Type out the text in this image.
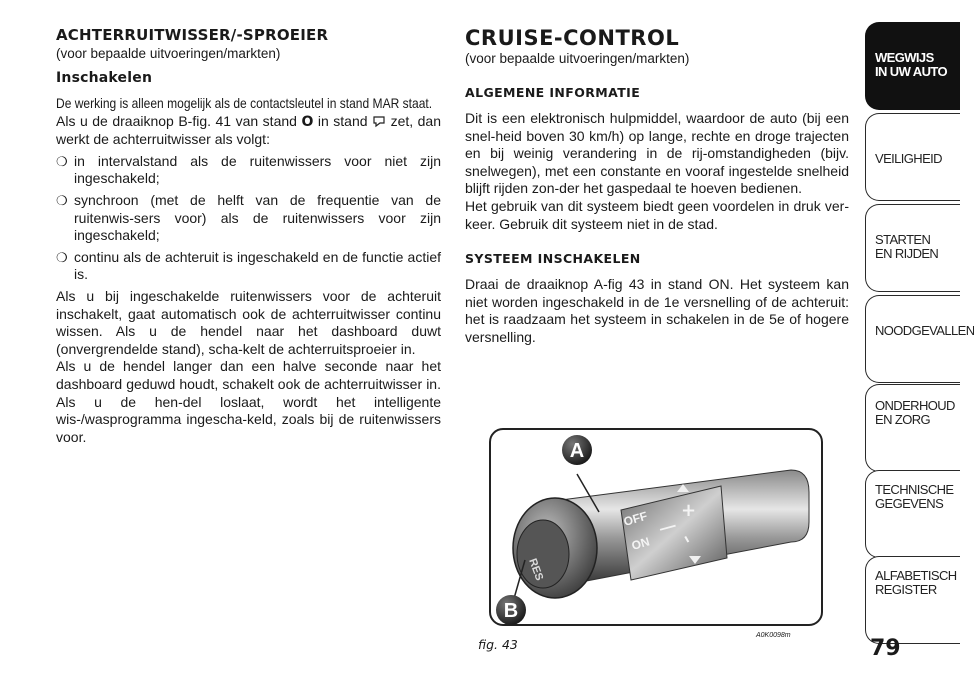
ACHTERRUITWISSER/-SPROEIER
(voor bepaalde uitvoeringen/markten)
Inschakelen
De werking is alleen mogelijk als de contactsleutel in stand MAR staat.
Als u de draaiknop B-fig. 41 van stand O in stand zet, dan werkt de achterruitwisser als volgt:
❍ in intervalstand als de ruitenwissers voor niet zijn ingeschakeld;
❍ synchroon (met de helft van de frequentie van de ruitenwis-sers voor) als de ruitenwissers voor zijn ingeschakeld;
❍ continu als de achteruit is ingeschakeld en de functie actief is.
Als u bij ingeschakelde ruitenwissers voor de achteruit inschakelt, gaat automatisch ook de achterruitwisser continu wissen. Als u de hendel naar het dashboard duwt (onvergrendelde stand), scha-kelt de achterruitsproeier in.
Als u de hendel langer dan een halve seconde naar het dashboard geduwd houdt, schakelt ook de achterruitwisser in. Als u de hen-del loslaat, wordt het intelligente wis-/wasprogramma ingescha-keld, zoals bij de ruitenwissers voor.
CRUISE-CONTROL
(voor bepaalde uitvoeringen/markten)
ALGEMENE INFORMATIE
Dit is een elektronisch hulpmiddel, waardoor de auto (bij een snel-heid boven 30 km/h) op lange, rechte en droge trajecten en bij weinig verandering in de rij-omstandigheden (bijv. snelwegen), met een constante en vooraf ingestelde snelheid blijft rijden zon-der het gaspedaal te hoeven bedienen.
Het gebruik van dit systeem biedt geen voordelen in druk ver-keer. Gebruik dit systeem niet in de stad.
SYSTEEM INSCHAKELEN
Draai de draaiknop A-fig 43 in stand ON. Het systeem kan niet worden ingeschakeld in de 1e versnelling of de achteruit: het is raadzaam het systeem in schakelen in de 5e of hogere versnelling.
A
B
OFF
ON
RES
+
–
|
fig. 43
A0K0098m
WEGWIJS
IN UW AUTO
VEILIGHEID
STARTEN
EN RIJDEN
NOODGEVALLEN
ONDERHOUD
EN ZORG
TECHNISCHE
GEGEVENS
ALFABETISCH
REGISTER
79
